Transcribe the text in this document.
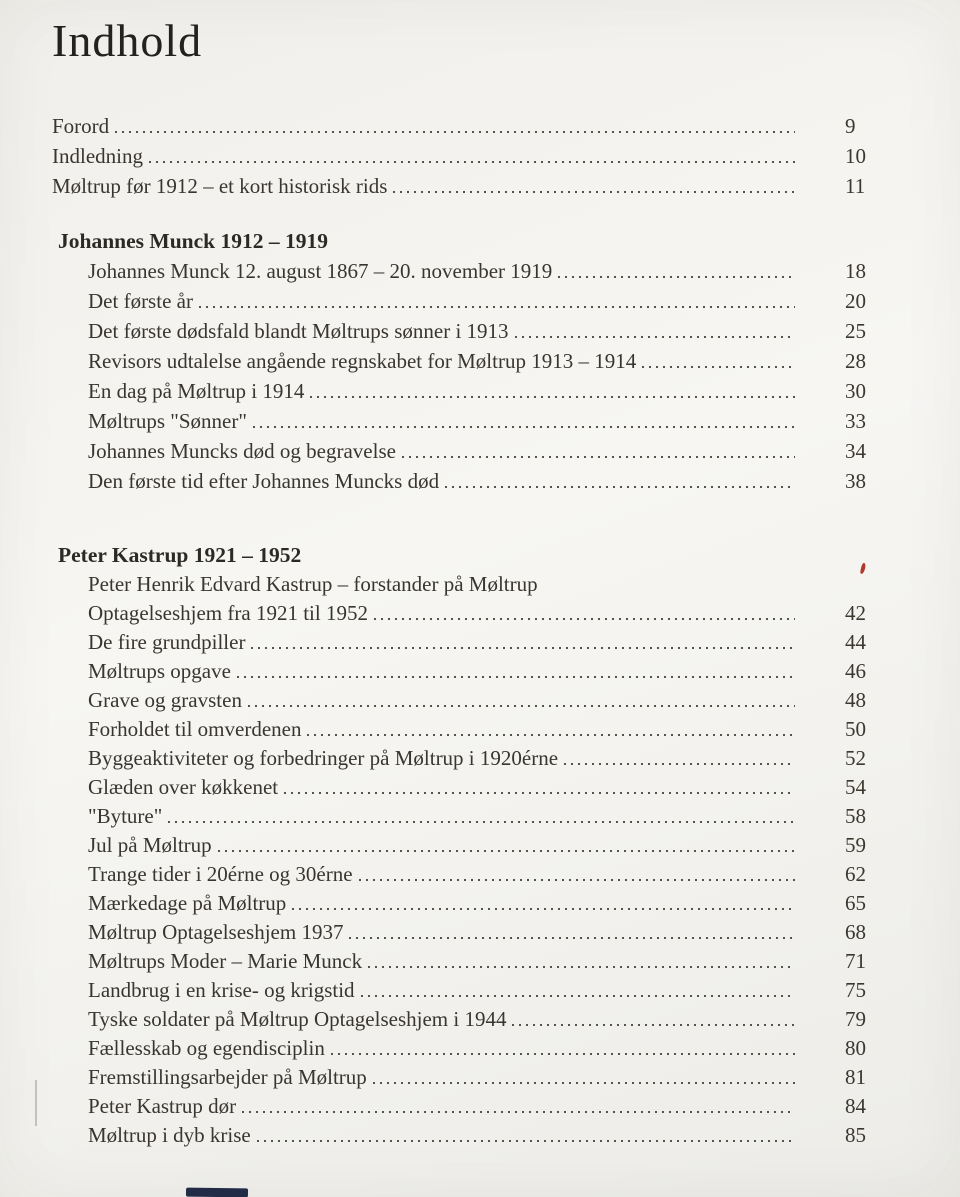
Indhold
Forord	9
Indledning	10
Møltrup før 1912 – et kort historisk rids	11
Johannes Munck 1912 – 1919
Johannes Munck 12. august 1867 – 20. november 1919	18
Det første år	20
Det første dødsfald blandt Møltrups sønner i 1913	25
Revisors udtalelse angående regnskabet for Møltrup 1913 – 1914	28
En dag på Møltrup i 1914	30
Møltrups "Sønner"	33
Johannes Muncks død og begravelse	34
Den første tid efter Johannes Muncks død	38
Peter Kastrup 1921 – 1952
Peter Henrik Edvard Kastrup – forstander på Møltrup
Optagelseshjem fra 1921 til 1952	42
De fire grundpiller	44
Møltrups opgave	46
Grave og gravsten	48
Forholdet til omverdenen	50
Byggeaktiviteter og forbedringer på Møltrup i 1920érne	52
Glæden over køkkenet	54
"Byture"	58
Jul på Møltrup	59
Trange tider i 20érne og 30érne	62
Mærkedage på Møltrup	65
Møltrup Optagelseshjem 1937	68
Møltrups Moder – Marie Munck	71
Landbrug i en krise- og krigstid	75
Tyske soldater på Møltrup Optagelseshjem i 1944	79
Fællesskab og egendisciplin	80
Fremstillingsarbejder på Møltrup	81
Peter Kastrup dør	84
Møltrup i dyb krise	85
